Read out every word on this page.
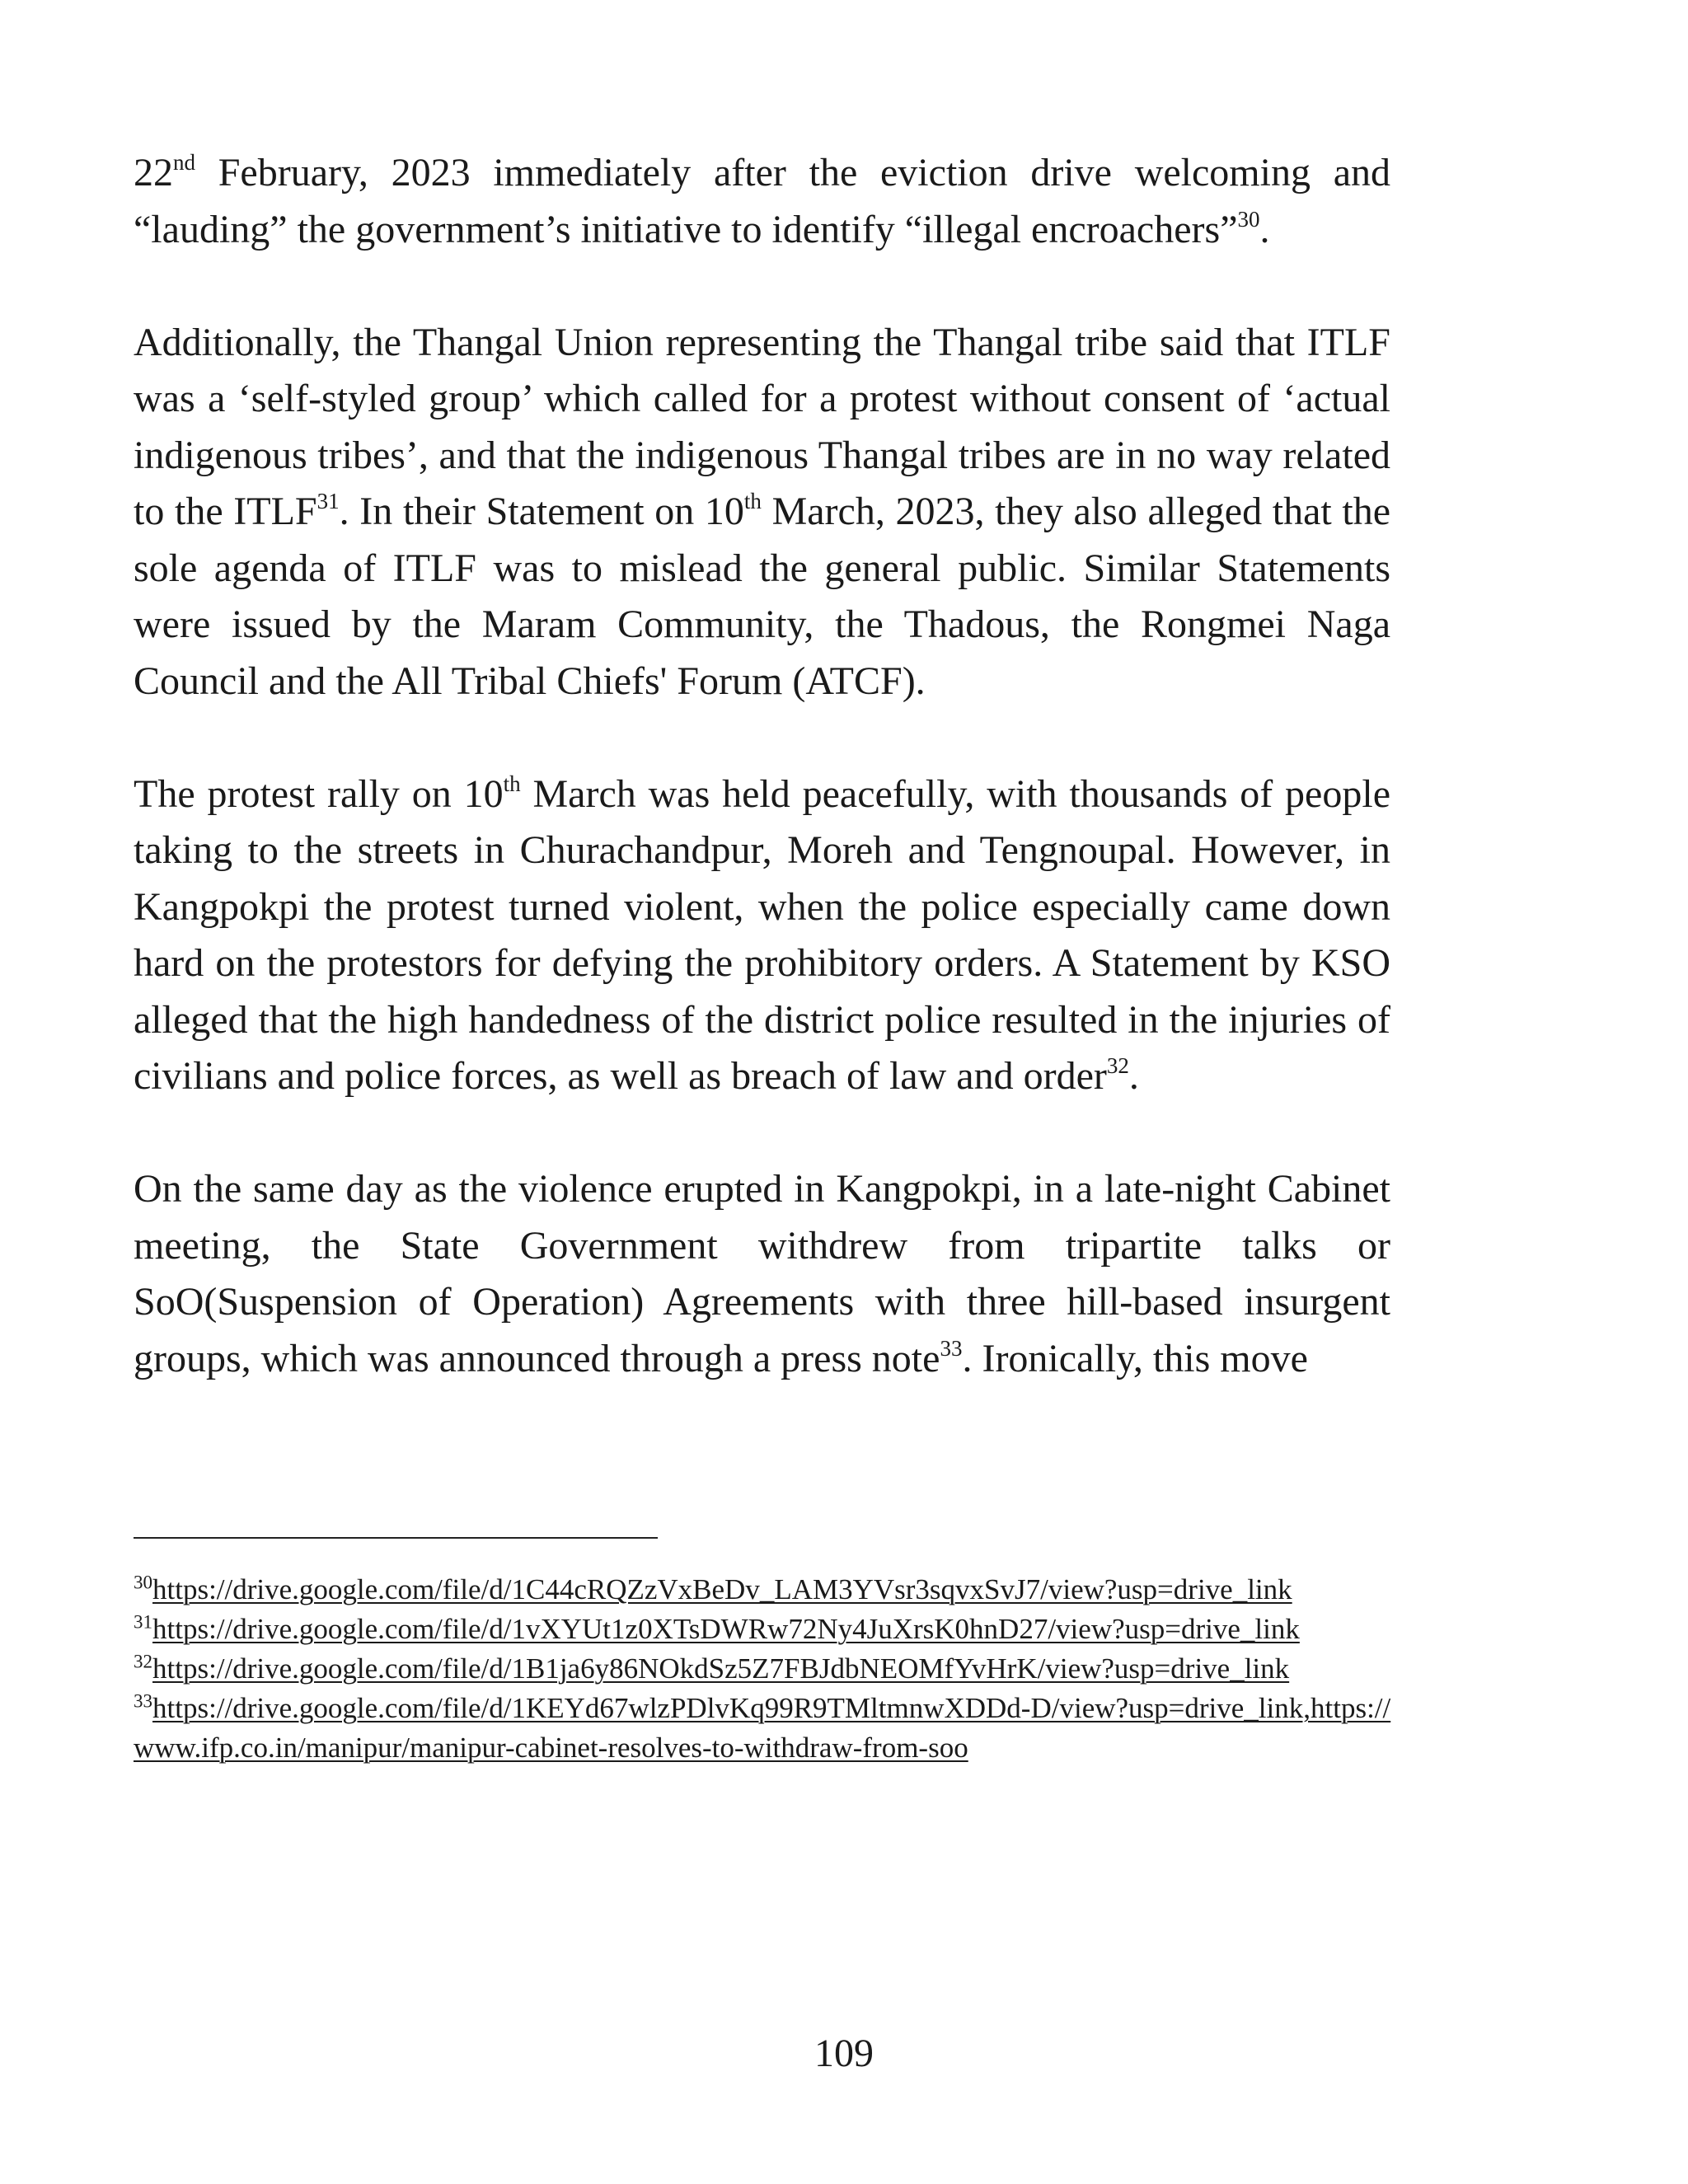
22nd February, 2023 immediately after the eviction drive welcoming and “lauding” the government’s initiative to identify “illegal encroachers”$^{30}$.

Additionally, the Thangal Union representing the Thangal tribe said that ITLF was a ‘self-styled group’ which called for a protest without consent of ‘actual indigenous tribes’, and that the indigenous Thangal tribes are in no way related to the ITLF$^{31}$. In their Statement on 10th March, 2023, they also alleged that the sole agenda of ITLF was to mislead the general public. Similar Statements were issued by the Maram Community, the Thadous, the Rongmei Naga Council and the All Tribal Chiefs' Forum (ATCF).

The protest rally on 10th March was held peacefully, with thousands of people taking to the streets in Churachandpur, Moreh and Tengnoupal. However, in Kangpokpi the protest turned violent, when the police especially came down hard on the protestors for defying the prohibitory orders. A Statement by KSO alleged that the high handedness of the district police resulted in the injuries of civilians and police forces, as well as breach of law and order$^{32}$.

On the same day as the violence erupted in Kangpokpi, in a late-night Cabinet meeting, the State Government withdrew from tripartite talks or SoO(Suspension of Operation) Agreements with three hill-based insurgent groups, which was announced through a press note$^{33}$. Ironically, this move

$^{30}$https://drive.google.com/file/d/1C44cRQZzVxBeDv_LAM3YVsr3sqvxSvJ7/view?usp=drive_link

$^{31}$https://drive.google.com/file/d/1vXYUt1z0XTsDWRw72Ny4JuXrsK0hnD27/view?usp=drive_link

$^{32}$https://drive.google.com/file/d/1B1ja6y86NOkdSz5Z7FBJdbNEOMfYvHrK/view?usp=drive_link

$^{33}$https://drive.google.com/file/d/1KEYd67wlzPDlvKq99R9TMltmnwXDDd-D/view?usp=drive_link,https://www.ifp.co.in/manipur/manipur-cabinet-resolves-to-withdraw-from-soo

109
